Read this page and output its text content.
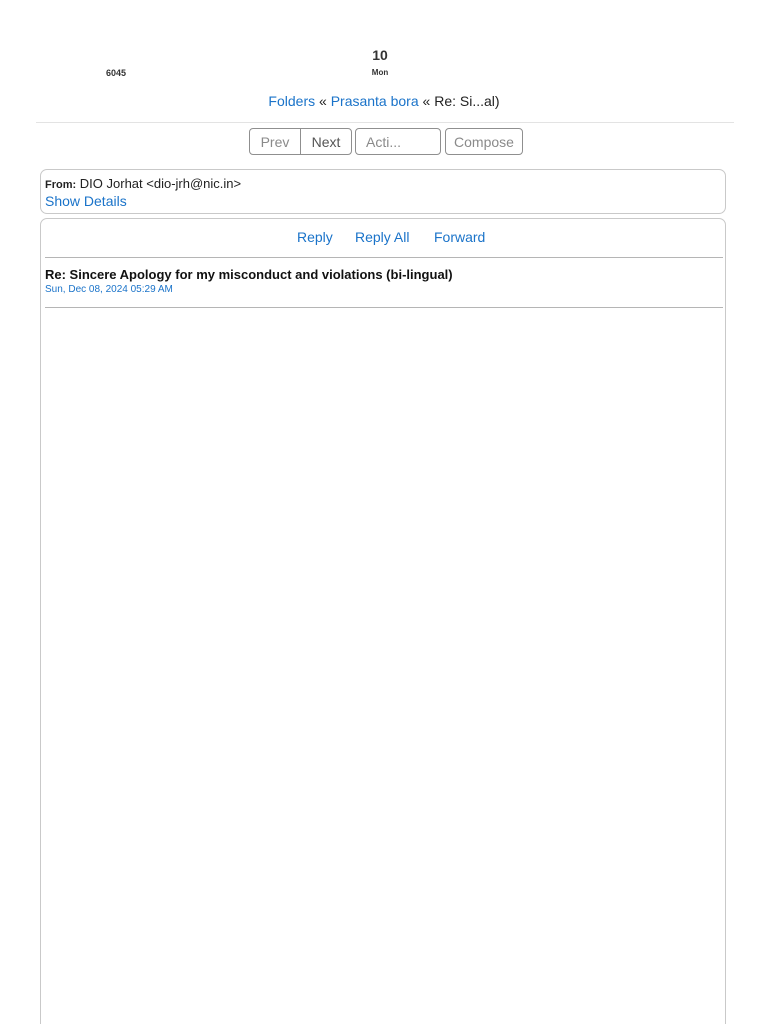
6045
10
Mon
Folders « Prasanta bora « Re: Si...al)
Prev	Next	Acti...	Compose
From: DIO Jorhat <dio-jrh@nic.in>
Show Details
Reply Reply All Forward
Re: Sincere Apology for my misconduct and violations (bi-lingual)
Sun, Dec 08, 2024 05:29 AM
